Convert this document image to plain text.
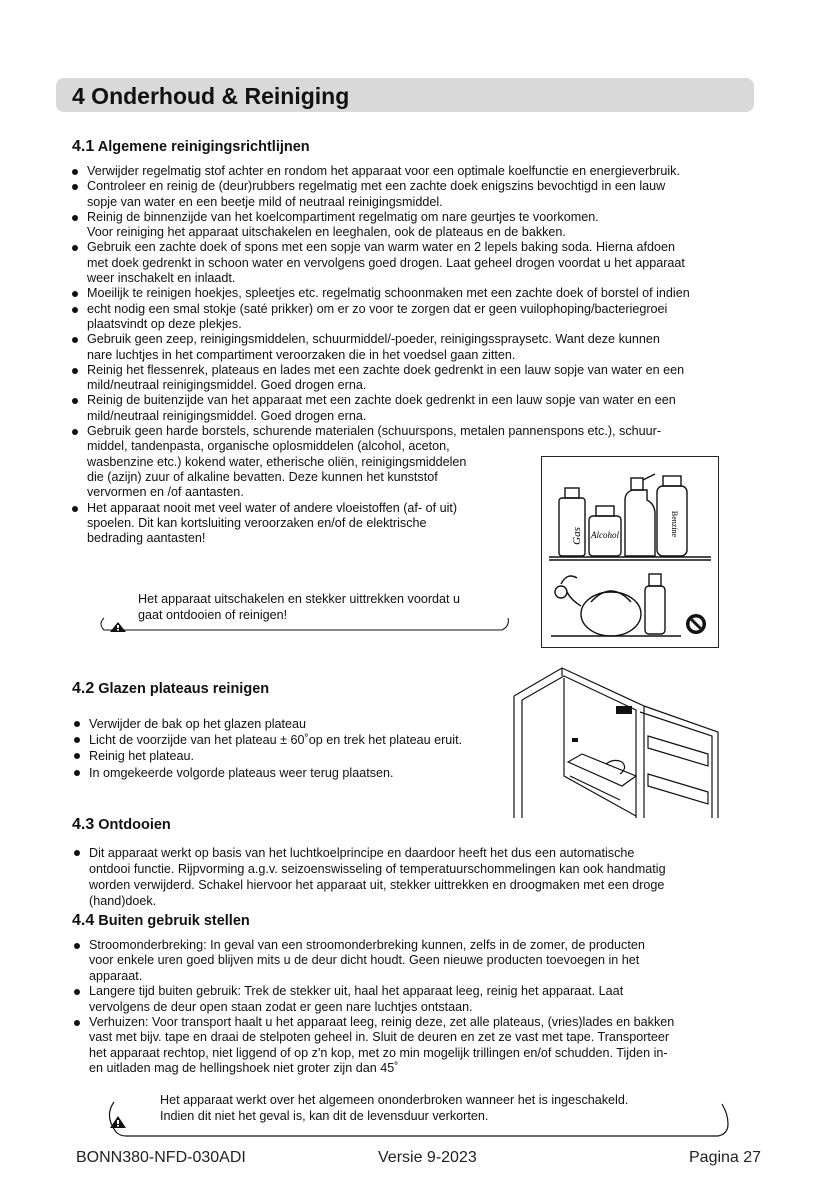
4 Onderhoud & Reiniging
4.1 Algemene reinigingsrichtlijnen
Verwijder regelmatig stof achter en rondom het apparaat voor een optimale koelfunctie en energieverbruik.
Controleer en reinig de (deur)rubbers regelmatig met een zachte doek enigszins bevochtigd in een lauw
sopje van water en een beetje mild of neutraal reinigingsmiddel.
Reinig de binnenzijde van het koelcompartiment regelmatig om nare geurtjes te voorkomen.
Voor reiniging het apparaat uitschakelen en leeghalen, ook de plateaus en de bakken.
Gebruik een zachte doek of spons met een sopje van warm water en 2 lepels baking soda. Hierna afdoen
met doek gedrenkt in schoon water en vervolgens goed drogen. Laat geheel drogen voordat u het apparaat
weer inschakelt en inlaadt.
Moeilijk te reinigen hoekjes, spleetjes etc. regelmatig schoonmaken met een zachte doek of borstel of indien
echt nodig een smal stokje (saté prikker) om er zo voor te zorgen dat er geen vuilophoping/bacteriegroei
plaatsvindt op deze plekjes.
Gebruik geen zeep, reinigingsmiddelen, schuurmiddel/-poeder, reinigingsspraysetc. Want deze kunnen
nare luchtjes in het compartiment veroorzaken die in het voedsel gaan zitten.
Reinig het flessenrek, plateaus en lades met een zachte doek gedrenkt in een lauw sopje van water en een
mild/neutraal reinigingsmiddel. Goed drogen erna.
Reinig de buitenzijde van het apparaat met een zachte doek gedrenkt in een lauw sopje van water en een
mild/neutraal reinigingsmiddel. Goed drogen erna.
Gebruik geen harde borstels, schurende materialen (schuurspons, metalen pannenspons etc.), schuur-
middel, tandenpasta, organische oplosmiddelen (alcohol, aceton,
wasbenzine etc.) kokend water, etherische oliën, reinigingsmiddelen
die (azijn) zuur of alkaline bevatten. Deze kunnen het kunststof
vervormen en /of aantasten.
Het apparaat nooit met veel water of andere vloeistoffen (af- of uit)
spoelen. Dit kan kortsluiting veroorzaken en/of de elektrische
bedrading aantasten!	Gas Alcohol	Benzine
Het apparaat uitschakelen en stekker uittrekken voordat u
gaat ontdooien of reinigen!
4.2 Glazen plateaus reinigen
Verwijder de bak op het glazen plateau
Licht de voorzijde van het plateau ± 60˚op en trek het plateau eruit.
Reinig het plateau.
In omgekeerde volgorde plateaus weer terug plaatsen.
4.3 Ontdooien

Dit apparaat werkt op basis van het luchtkoelprincipe en daardoor heeft het dus een automatische
ontdooi functie. Rijpvorming a.g.v. seizoenswisseling of temperatuurschommelingen kan ook handmatig
worden verwijderd. Schakel hiervoor het apparaat uit, stekker uittrekken en droogmaken met een droge
(hand)doek.

4.4 Buiten gebruik stellen
Stroomonderbreking: In geval van een stroomonderbreking kunnen, zelfs in de zomer, de producten
voor enkele uren goed blijven mits u de deur dicht houdt. Geen nieuwe producten toevoegen in het
apparaat.
Langere tijd buiten gebruik: Trek de stekker uit, haal het apparaat leeg, reinig het apparaat. Laat
vervolgens de deur open staan zodat er geen nare luchtjes ontstaan.
Verhuizen: Voor transport haalt u het apparaat leeg, reinig deze, zet alle plateaus, (vries)lades en bakken
vast met bijv. tape en draai de stelpoten geheel in. Sluit de deuren en zet ze vast met tape. Transporteer
het apparaat rechtop, niet liggend of op z'n kop, met zo min mogelijk trillingen en/of schudden. Tijden in-
en uitladen mag de hellingshoek niet groter zijn dan 45˚
Het apparaat werkt over het algemeen ononderbroken wanneer het is ingeschakeld.
Indien dit niet het geval is, kan dit de levensduur verkorten.
BONN380-NFD-030ADI	Versie 9-2023	Pagina 27
